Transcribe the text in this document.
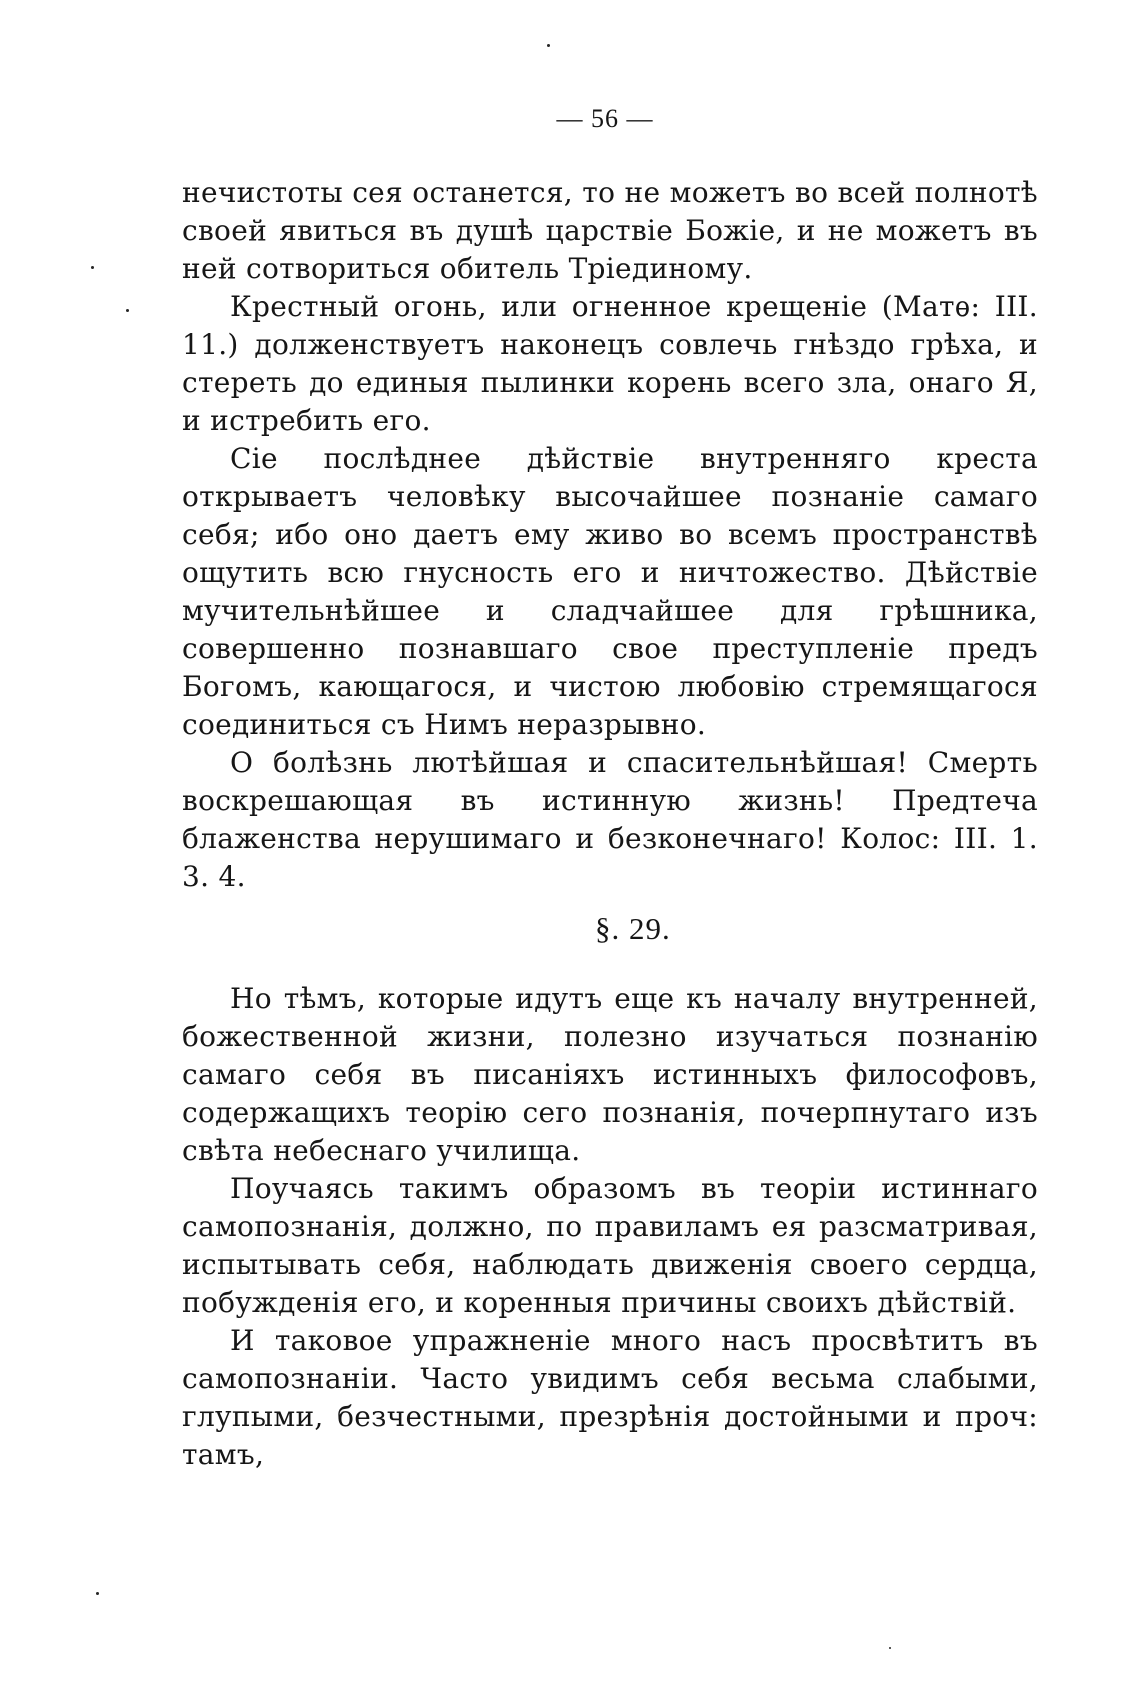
— 56 —

нечистоты сея останется, то не можетъ во всей полнотѣ своей явиться въ душѣ царствіе Божіе, и не можетъ въ ней сотвориться обитель Тріединому.

Крестный огонь, или огненное крещеніе (Матѳ: III. 11.) долженствуетъ наконецъ совлечь гнѣздо грѣха, и стереть до единыя пылинки корень всего зла, онаго Я, и истребить его.

Сіе послѣднее дѣйствіе внутренняго креста открываетъ человѣку высочайшее познаніе самаго себя; ибо оно даетъ ему живо во всемъ пространствѣ ощутить всю гнусность его и ничтожество. Дѣйствіе мучительнѣйшее и сладчайшее для грѣшника, совершенно познавшаго свое преступленіе предъ Богомъ, кающагося, и чистою любовію стремящагося соединиться съ Нимъ неразрывно.

О болѣзнь лютѣйшая и спасительнѣйшая! Смерть воскрешающая въ истинную жизнь! Предтеча блаженства нерушимаго и безконечнаго! Колос: III. 1. 3. 4.

§. 29.

Но тѣмъ, которые идутъ еще къ началу внутренней, божественной жизни, полезно изучаться познанію самаго себя въ писаніяхъ истинныхъ философовъ, содержащихъ теорію сего познанія, почерпнутаго изъ свѣта небеснаго училища.

Поучаясь такимъ образомъ въ теоріи истиннаго самопознанія, должно, по правиламъ ея разсматривая, испытывать себя, наблюдать движенія своего сердца, побужденія его, и коренныя причины своихъ дѣйствій.

И таковое упражненіе много насъ просвѣтитъ въ самопознаніи. Часто увидимъ себя весьма слабыми, глупыми, безчестными, презрѣнія достойными и проч: тамъ,
